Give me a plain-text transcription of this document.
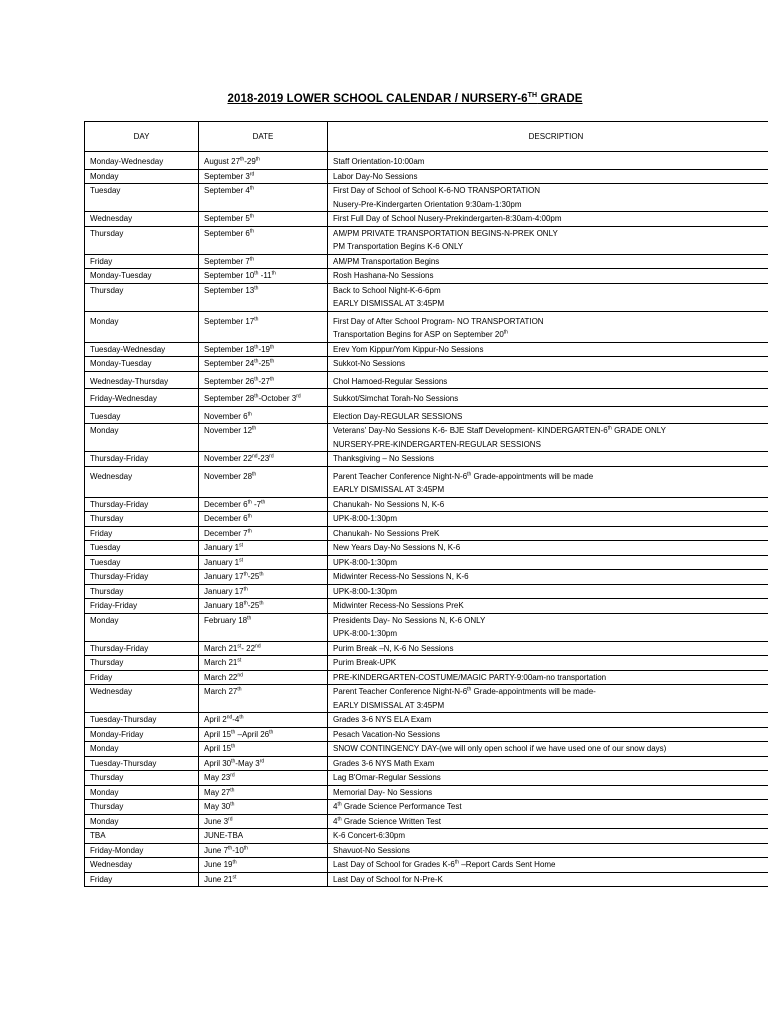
2018-2019 LOWER SCHOOL CALENDAR / NURSERY-6TH GRADE
DAY	DATE	DESCRIPTION
Monday-Wednesday	August 27th-29th	Staff Orientation-10:00am

Monday	September 3rd	Labor Day-No Sessions

Tuesday	September 4th	First Day of School of School K-6-NO TRANSPORTATION
Nusery-Pre-Kindergarten Orientation 9:30am-1:30pm

Wednesday	September 5th	First Full Day of School Nusery-Prekindergarten-8:30am-4:00pm

Thursday	September 6th	AM/PM PRIVATE TRANSPORTATION BEGINS-N-PREK ONLY
PM Transportation Begins K-6 ONLY

Friday	September 7th	AM/PM Transportation Begins

Monday-Tuesday	September 10th -11th	Rosh Hashana-No Sessions

Thursday	September 13th	Back to School Night-K-6-6pm
EARLY DISMISSAL AT 3:45PM

Monday	September 17th	First Day of After School Program- NO TRANSPORTATION
Transportation Begins for ASP on September 20th

Tuesday-Wednesday	September 18th-19th	Erev Yom Kippur/Yom Kippur-No Sessions

Monday-Tuesday	September 24th-25th	Sukkot-No Sessions

Wednesday-Thursday	September 26th-27th	Chol Hamoed-Regular Sessions

Friday-Wednesday	September 28th-October 3rd	Sukkot/Simchat Torah-No Sessions

Tuesday	November 6th	Election Day-REGULAR SESSIONS

Monday	November 12th	Veterans' Day-No Sessions K-6- BJE Staff Development- KINDERGARTEN-6th GRADE ONLY
NURSERY-PRE-KINDERGARTEN-REGULAR SESSIONS

Thursday-Friday	November 22nd-23rd	Thanksgiving – No Sessions

Wednesday	November 28th	Parent Teacher Conference Night-N-6th Grade-appointments will be made
EARLY DISMISSAL AT 3:45PM

Thursday-Friday	December 6th -7th	Chanukah- No Sessions N, K-6

Thursday	December 6th	UPK-8:00-1:30pm

Friday	December 7th	Chanukah- No Sessions PreK

Tuesday	January 1st	New Years Day-No Sessions N, K-6

Tuesday	January 1st	UPK-8:00-1:30pm

Thursday-Friday	January 17th-25th	Midwinter Recess-No Sessions N, K-6

Thursday	January 17th	UPK-8:00-1:30pm

Friday-Friday	January 18th-25th	Midwinter Recess-No Sessions PreK

Monday	February 18th	Presidents Day- No Sessions N, K-6 ONLY
UPK-8:00-1:30pm

Thursday-Friday	March 21st- 22nd	Purim Break –N, K-6 No Sessions

Thursday	March 21st	Purim Break-UPK

Friday	March 22nd	PRE-KINDERGARTEN-COSTUME/MAGIC PARTY-9:00am-no transportation

Wednesday	March 27th	Parent Teacher Conference Night-N-6th Grade-appointments will be made-
EARLY DISMISSAL AT 3:45PM

Tuesday-Thursday	April 2nd-4th	Grades 3-6 NYS ELA Exam

Monday-Friday	April 15th –April 26th	Pesach Vacation-No Sessions

Monday	April 15th	SNOW CONTINGENCY DAY-(we will only open school if we have used one of our snow days)

Tuesday-Thursday	April 30th-May 3rd	Grades 3-6 NYS Math Exam

Thursday	May 23rd	Lag B'Omar-Regular Sessions

Monday	May 27th	Memorial Day- No Sessions

Thursday	May 30th	4th Grade Science Performance Test

Monday	June 3rd	4th Grade Science Written Test

TBA	JUNE-TBA	K-6 Concert-6:30pm

Friday-Monday	June 7th-10th	Shavuot-No Sessions

Wednesday	June 19th	Last Day of School for Grades K-6th –Report Cards Sent Home

Friday	June 21st	Last Day of School for N-Pre-K
